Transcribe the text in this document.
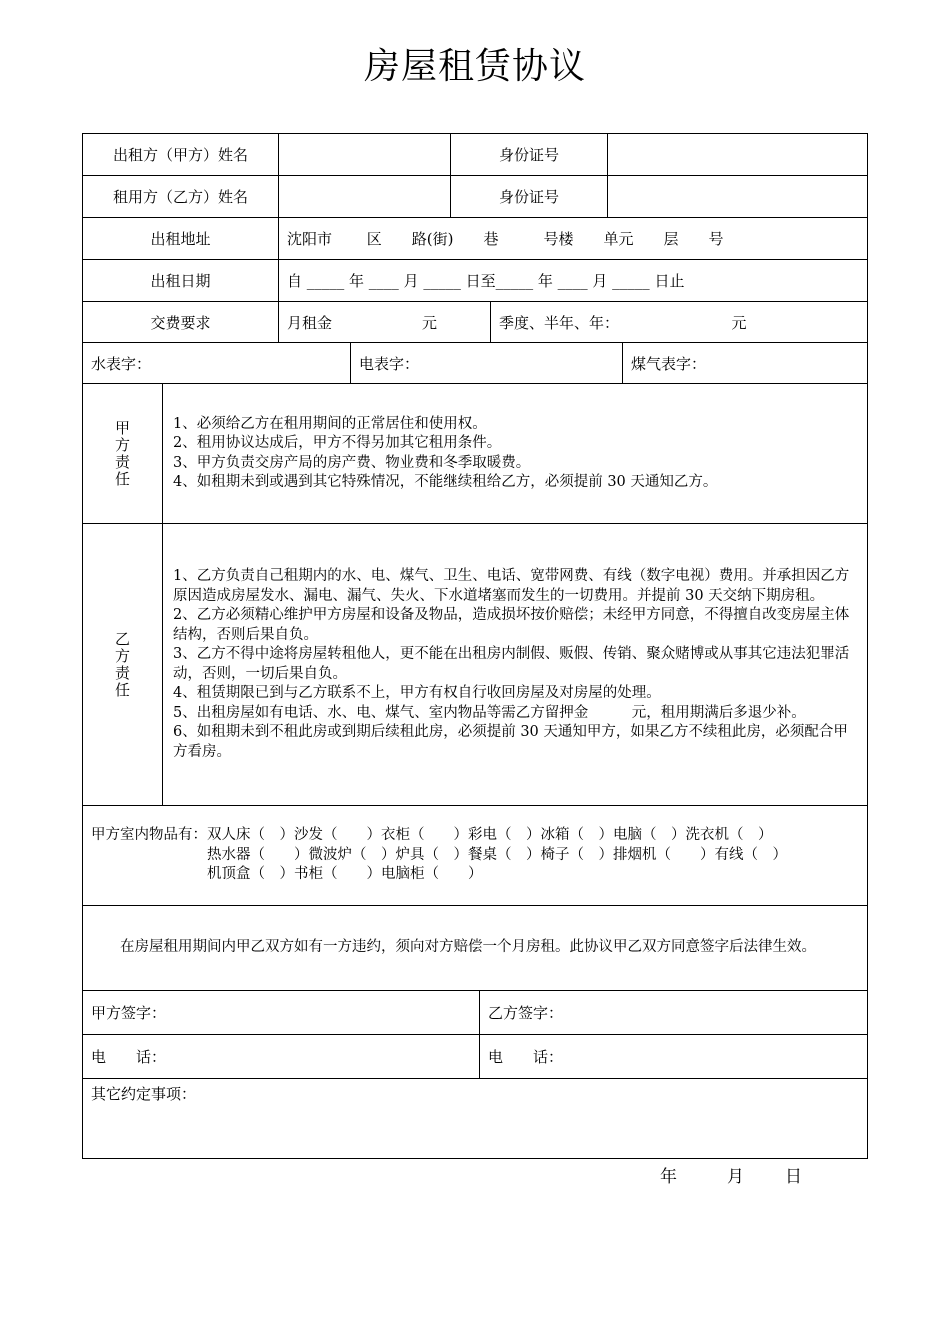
房屋租赁协议
出租方（甲方）姓名	身份证号
租用方（乙方）姓名	身份证号
出租地址	沈阳市　　 区　　路(街)　　巷　　　号楼　　单元　　层　　号
出租日期	自 _____ 年 ____ 月 _____ 日至_____ 年 ____ 月 _____ 日止
交费要求	月租金　　　　　　元	季度、半年、年：　　　　　　　　元
水表字：	电表字：	煤气表字：
甲方责任	1、必须给乙方在租用期间的正常居住和使用权。
2、租用协议达成后，甲方不得另加其它租用条件。
3、甲方负责交房产局的房产费、物业费和冬季取暖费。
4、如租期未到或遇到其它特殊情况，不能继续租给乙方，必须提前 30 天通知乙方。
乙方责任
1、乙方负责自己租期内的水、电、煤气、卫生、电话、宽带网费、有线（数字电视）费用。并承担因乙方原因造成房屋发水、漏电、漏气、失火、下水道堵塞而发生的一切费用。并提前 30 天交纳下期房租。
2、乙方必须精心维护甲方房屋和设备及物品，造成损坏按价赔偿；未经甲方同意，不得擅自改变房屋主体结构，否则后果自负。
3、乙方不得中途将房屋转租他人，更不能在出租房内制假、贩假、传销、聚众赌博或从事其它违法犯罪活动，否则，一切后果自负。
4、租赁期限已到与乙方联系不上，甲方有权自行收回房屋及对房屋的处理。
5、出租房屋如有电话、水、电、煤气、室内物品等需乙方留押金　　　元，租用期满后多退少补。
6、如租期未到不租此房或到期后续租此房，必须提前 30 天通知甲方，如果乙方不续租此房，必须配合甲方看房。
甲方室内物品有： 双人床（　）沙发（　　）衣柜（　　）彩电（　）冰箱（　）电脑（　）洗衣机（　）
热水器（　　）微波炉（　）炉具（　）餐桌（　）椅子（　）排烟机（　　）有线（　）
机顶盒（　）书柜（　　）电脑柜（　　）
　　在房屋租用期间内甲乙双方如有一方违约，须向对方赔偿一个月房租。此协议甲乙双方同意签字后法律生效。
甲方签字：	乙方签字：
电　　话：	电　　话：
其它约定事项：
年	月 日
